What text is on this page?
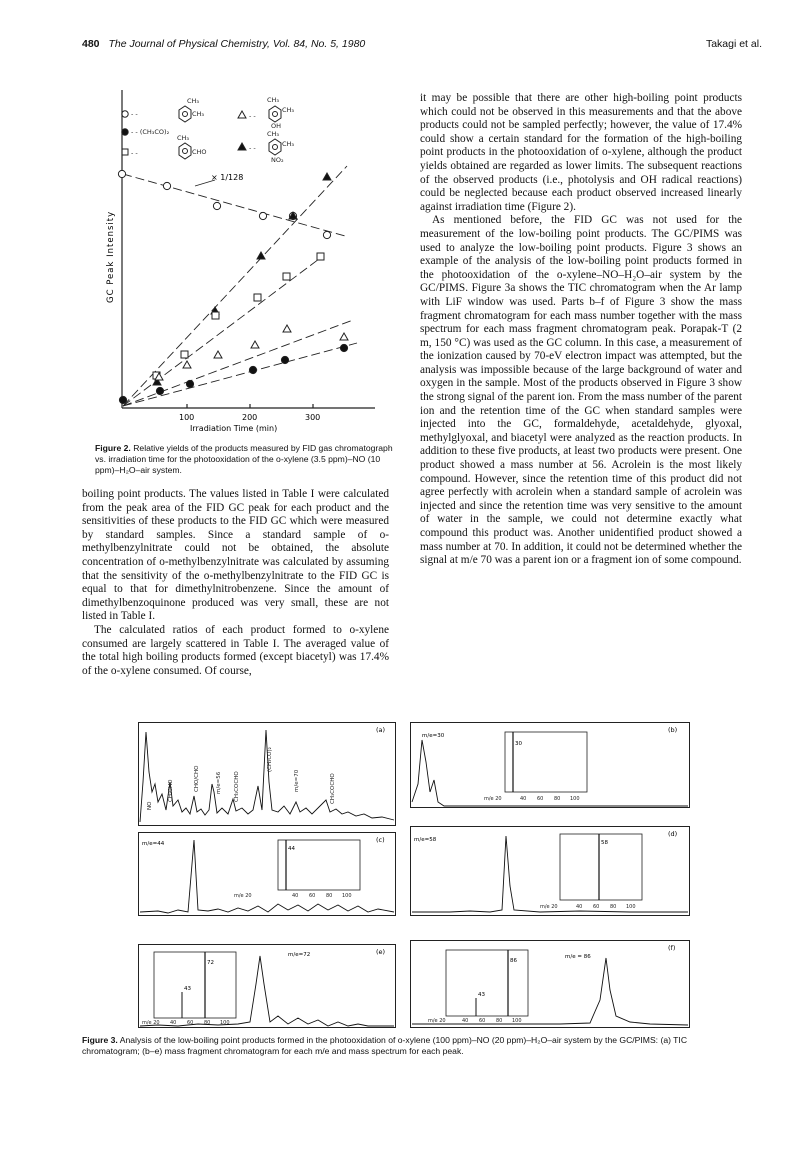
480 The Journal of Physical Chemistry, Vol. 84, No. 5, 1980	Takagi et al.
GC Peak Intensity
100	200	300
Irradiation Time (min)
- -
CH₃
CH₃
- - (CH₃CO)₂
- -
CH₃
CHO
- -
CH₃
CH₃
OH
- -
CH₃
CH₃
NO₂
× 1/128
Figure 2. Relative yields of the products measured by FID gas chromatograph vs. irradiation time for the photooxidation of the o-xylene (3.5 ppm)–NO (10 ppm)–H₂O–air system.

boiling point products. The values listed in Table I were calculated from the peak area of the FID GC peak for each product and the sensitivities of these products to the FID GC which were measured by standard samples. Since a standard sample of o-methylbenzylnitrate could not be obtained, the absolute concentration of o-methylbenzylnitrate was calculated by assuming that the sensitivity of the o-methylbenzylnitrate to the FID GC is equal to that for dimethylnitrobenzene. Since the amount of dimethylbenzoquinone produced was very small, these are not listed in Table I.

The calculated ratios of each product formed to o-xylene consumed are largely scattered in Table I. The averaged value of the total high boiling products formed (except biacetyl) was 17.4% of the o-xylene consumed. Of course,

it may be possible that there are other high-boiling point products which could not be observed in this measurements and that the above products could not be sampled perfectly; however, the value of 17.4% could show a certain standard for the formation of the high-boiling point products in the photooxidation of o-xylene, although the product yields obtained are regarded as lower limits. The subsequent reactions of the observed products (i.e., photolysis and OH radical reactions) could be neglected because each product observed increased linearly against irradiation time (Figure 2).

As mentioned before, the FID GC was not used for the measurement of the low-boiling point products. The GC/PIMS was used to analyze the low-boiling point products. Figure 3 shows an example of the analysis of the low-boiling point products formed in the photooxidation of the o-xylene–NO–H₂O–air system by the GC/PIMS. Figure 3a shows the TIC chromatogram when the Ar lamp with LiF window was used. Parts b–f of Figure 3 show the mass fragment chromatogram for each mass number together with the mass spectrum for each mass fragment chromatogram peak. Porapak-T (2 m, 150 °C) was used as the GC column. In this case, a measurement of the ionization caused by 70-eV electron impact was attempted, but the analysis was impossible because of the large background of water and oxygen in the sample. Most of the products observed in Figure 3 show the strong signal of the parent ion. From the mass number of the parent ion and the retention time of the GC when standard samples were injected into the GC, formaldehyde, acetaldehyde, glyoxal, methylglyoxal, and biacetyl were analyzed as the reaction products. In addition to these five products, at least two products were present. One product showed a mass number at 56. Acrolein is the most likely compound. However, since the retention time of this product did not agree perfectly with acrolein when a standard sample of acrolein was injected and since the retention time was very sensitive to the amount of water in the sample, we could not determine exactly what compound this product was. Another unidentified product showed a mass number at 70. In addition, it could not be determined whether the signal at m/e 70 was a parent ion or a fragment ion of some compound.

(a)
NO
CH₃CHO	CHO/CHO	m/e=56 CH₃COCHO
(CH₃CO)₂
m/e=70	CH₃COCHO
(b)
m/e=30
30
m/e 20	40 60 80 100
(c)
m/e=44
44
m/e 20	40 60 80 100
(d)
m/e=58	58
m/e 20	40 60 80 100
(e)
m/e=72
72
43
m/e 20 40 60 80 100
(f)
m/e = 86
86
43
m/e 20	40 60 80 100
Figure 3. Analysis of the low-boiling point products formed in the photooxidation of o-xylene (100 ppm)–NO (20 ppm)–H₂O–air system by the GC/PIMS: (a) TIC chromatogram; (b–e) mass fragment chromatogram for each m/e and mass spectrum for each peak.
